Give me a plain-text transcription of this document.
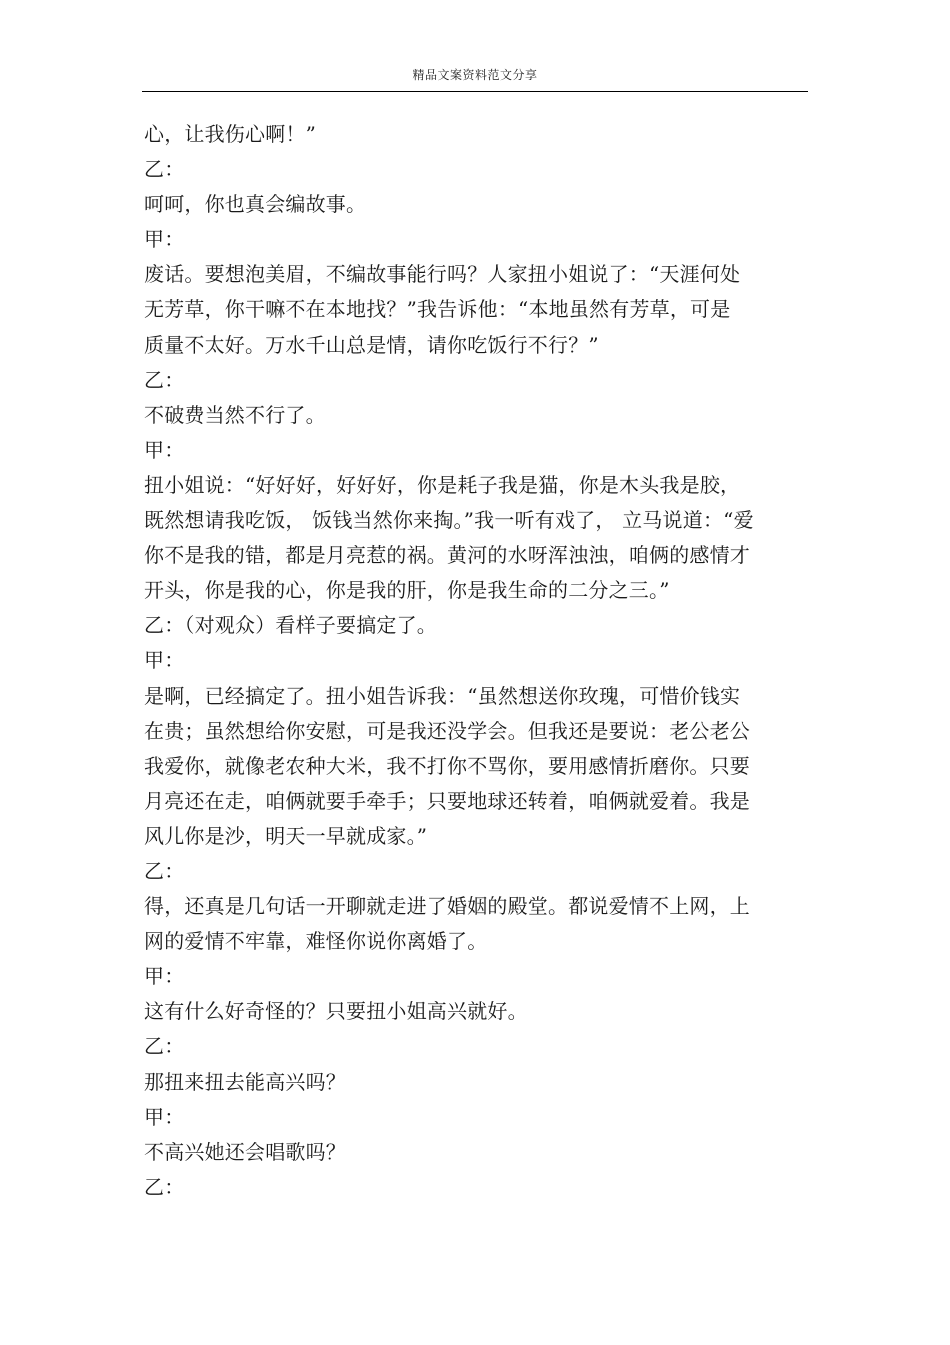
精品文案资料范文分享
心，让我伤心啊！”
乙：
呵呵，你也真会编故事。
甲：
废话。要想泡美眉，不编故事能行吗？人家扭小姐说了：“天涯何处
无芳草，你干嘛不在本地找？”我告诉他：“本地虽然有芳草，可是
质量不太好。万水千山总是情，请你吃饭行不行？”
乙：
不破费当然不行了。
甲：
扭小姐说：“好好好，好好好，你是耗子我是猫，你是木头我是胶，
既然想请我吃饭， 饭钱当然你来掏。”我一听有戏了， 立马说道：“爱
你不是我的错，都是月亮惹的祸。黄河的水呀浑浊浊，咱俩的感情才
开头，你是我的心，你是我的肝，你是我生命的二分之三。”
乙：（对观众）看样子要搞定了。
甲：
是啊，已经搞定了。扭小姐告诉我：“虽然想送你玫瑰，可惜价钱实
在贵；虽然想给你安慰，可是我还没学会。但我还是要说：老公老公
我爱你，就像老农种大米，我不打你不骂你，要用感情折磨你。只要
月亮还在走，咱俩就要手牵手；只要地球还转着，咱俩就爱着。我是
风儿你是沙，明天一早就成家。”
乙：
得，还真是几句话一开聊就走进了婚姻的殿堂。都说爱情不上网，上
网的爱情不牢靠，难怪你说你离婚了。
甲：
这有什么好奇怪的？只要扭小姐高兴就好。
乙：
那扭来扭去能高兴吗？
甲：
不高兴她还会唱歌吗？
乙：
